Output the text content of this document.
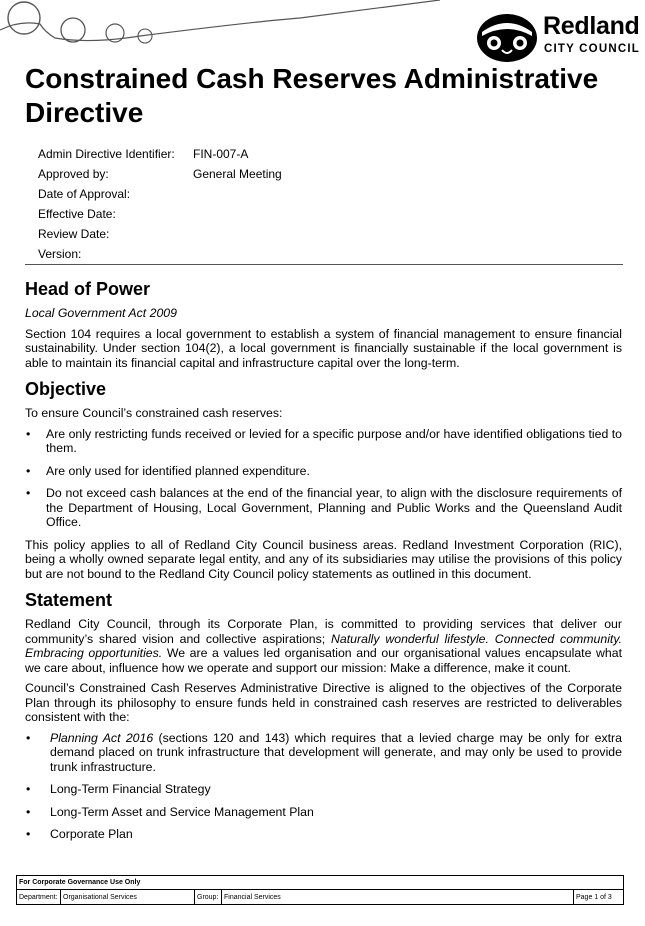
Redland
CITY COUNCIL
Constrained Cash Reserves Administrative Directive
Admin Directive Identifier: FIN-007-A
Approved by:	General Meeting
Date of Approval:
Effective Date:
Review Date:
Version:
Head of Power
Local Government Act 2009

Section 104 requires a local government to establish a system of financial management to ensure financial sustainability. Under section 104(2), a local government is financially sustainable if the local government is able to maintain its financial capital and infrastructure capital over the long-term.

Objective

To ensure Council’s constrained cash reserves:

• Are only restricting funds received or levied for a specific purpose and/or have identified obligations tied to them.
• Are only used for identified planned expenditure.
• Do not exceed cash balances at the end of the financial year, to align with the disclosure requirements of the Department of Housing, Local Government, Planning and Public Works and the Queensland Audit Office.

This policy applies to all of Redland City Council business areas. Redland Investment Corporation (RIC), being a wholly owned separate legal entity, and any of its subsidiaries may utilise the provisions of this policy but are not bound to the Redland City Council policy statements as outlined in this document.

Statement

Redland City Council, through its Corporate Plan, is committed to providing services that deliver our community’s shared vision and collective aspirations; Naturally wonderful lifestyle. Connected community. Embracing opportunities. We are a values led organisation and our organisational values encapsulate what we care about, influence how we operate and support our mission: Make a difference, make it count.

Council’s Constrained Cash Reserves Administrative Directive is aligned to the objectives of the Corporate Plan through its philosophy to ensure funds held in constrained cash reserves are restricted to deliverables consistent with the:

• Planning Act 2016 (sections 120 and 143) which requires that a levied charge may be only for extra demand placed on trunk infrastructure that development will generate, and may only be used to provide trunk infrastructure.
• Long-Term Financial Strategy
• Long-Term Asset and Service Management Plan
• Corporate Plan
For Corporate Governance Use Only
Department: Organisational Services	Group: Financial Services	Page 1 of 3
